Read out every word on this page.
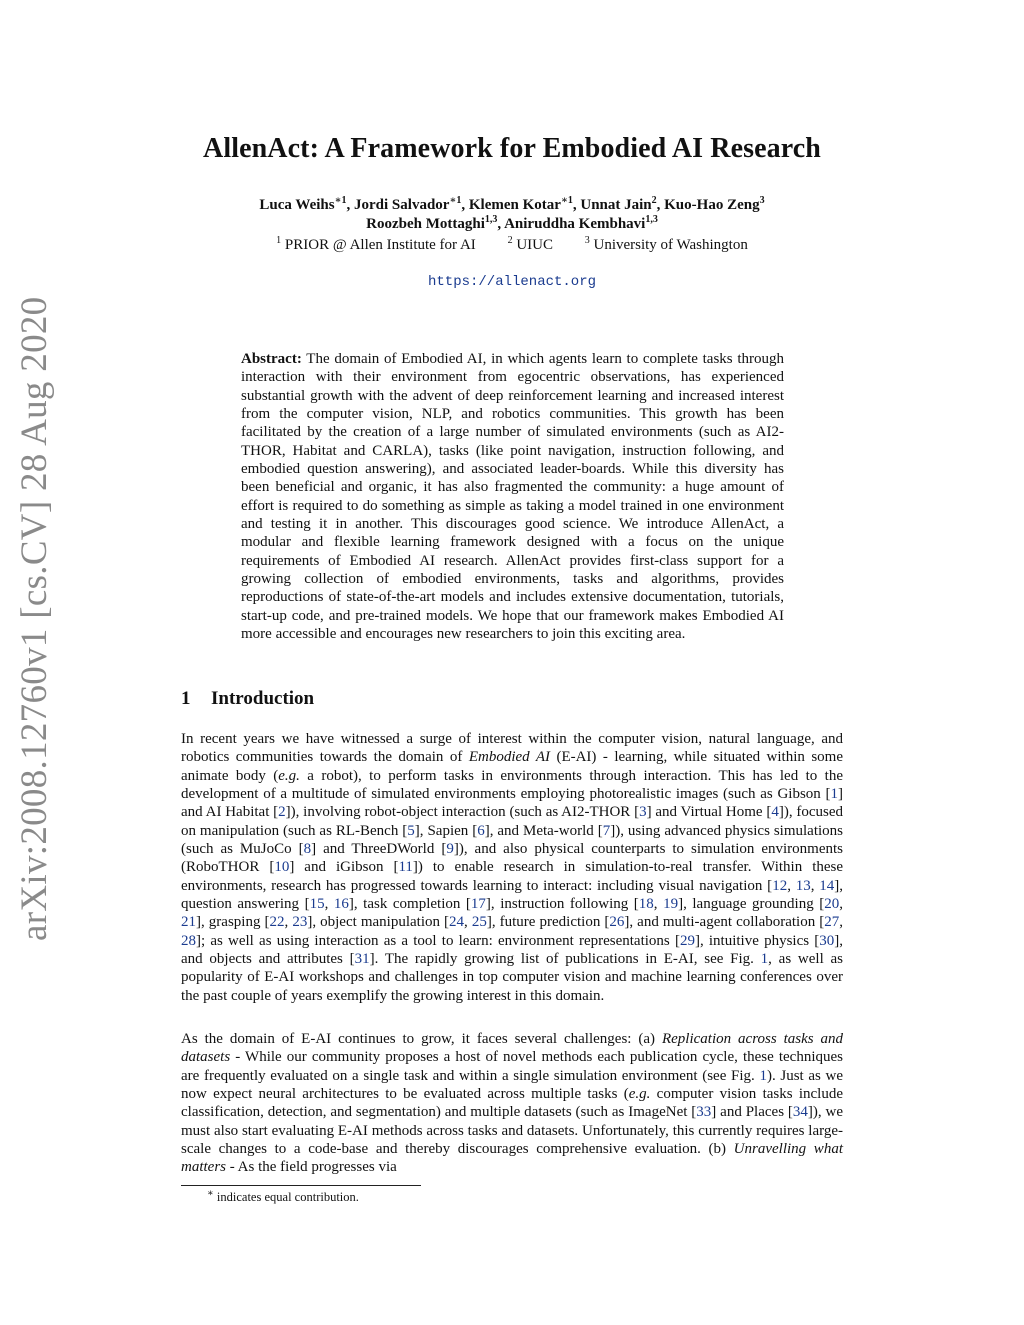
AllenAct: A Framework for Embodied AI Research
Luca Weihs$^{∗1}$, Jordi Salvador$^{∗1}$, Klemen Kotar$^{∗1}$, Unnat Jain$^2$, Kuo-Hao Zeng$^3$
Roozbeh Mottaghi$^{1,3}$, Aniruddha Kembhavi$^{1,3}$
$^1$ PRIOR @ Allen Institute for AI	$^2$ UIUC	$^3$ University of Washington
https://allenact.org
arXiv:2008.12760v1 [cs.CV] 28 Aug 2020	Abstract: The domain of Embodied AI, in which agents learn to complete tasks through interaction with their environment from egocentric observations, has experienced substantial growth with the advent of deep reinforcement learning and increased interest from the computer vision, NLP, and robotics communities. This growth has been facilitated by the creation of a large number of simulated environments (such as AI2-THOR, Habitat and CARLA), tasks (like point navigation, instruction following, and embodied question answering), and associated leader-boards. While this diversity has been beneficial and organic, it has also fragmented the community: a huge amount of effort is required to do something as simple as taking a model trained in one environment and testing it in another. This discourages good science. We introduce AllenAct, a modular and flexible learning framework designed with a focus on the unique requirements of Embodied AI research. AllenAct provides first-class support for a growing collection of embodied environments, tasks and algorithms, provides reproductions of state-of-the-art models and includes extensive documentation, tutorials, start-up code, and pre-trained models. We hope that our framework makes Embodied AI more accessible and encourages new researchers to join this exciting area.
1 Introduction
In recent years we have witnessed a surge of interest within the computer vision, natural language, and robotics communities towards the domain of Embodied AI (E-AI) - learning, while situated within some animate body (e.g. a robot), to perform tasks in environments through interaction. This has led to the development of a multitude of simulated environments employing photorealistic images (such as Gibson [1] and AI Habitat [2]), involving robot-object interaction (such as AI2-THOR [3] and Virtual Home [4]), focused on manipulation (such as RL-Bench [5], Sapien [6], and Meta-world [7]), using advanced physics simulations (such as MuJoCo [8] and ThreeDWorld [9]), and also physical counterparts to simulation environments (RoboTHOR [10] and iGibson [11]) to enable research in simulation-to-real transfer. Within these environments, research has progressed towards learning to interact: including visual navigation [12, 13, 14], question answering [15, 16], task completion [17], instruction following [18, 19], language grounding [20, 21], grasping [22, 23], object manipulation [24, 25], future prediction [26], and multi-agent collaboration [27, 28]; as well as using interaction as a tool to learn: environment representations [29], intuitive physics [30], and objects and attributes [31]. The rapidly growing list of publications in E-AI, see Fig. 1, as well as popularity of E-AI workshops and challenges in top computer vision and machine learning conferences over the past couple of years exemplify the growing interest in this domain.
As the domain of E-AI continues to grow, it faces several challenges: (a) Replication across tasks and datasets - While our community proposes a host of novel methods each publication cycle, these techniques are frequently evaluated on a single task and within a single simulation environment (see Fig. 1). Just as we now expect neural architectures to be evaluated across multiple tasks (e.g. computer vision tasks include classification, detection, and segmentation) and multiple datasets (such as ImageNet [33] and Places [34]), we must also start evaluating E-AI methods across tasks and datasets. Unfortunately, this currently requires large-scale changes to a code-base and thereby discourages comprehensive evaluation. (b) Unravelling what matters - As the field progresses via
∗ indicates equal contribution.
